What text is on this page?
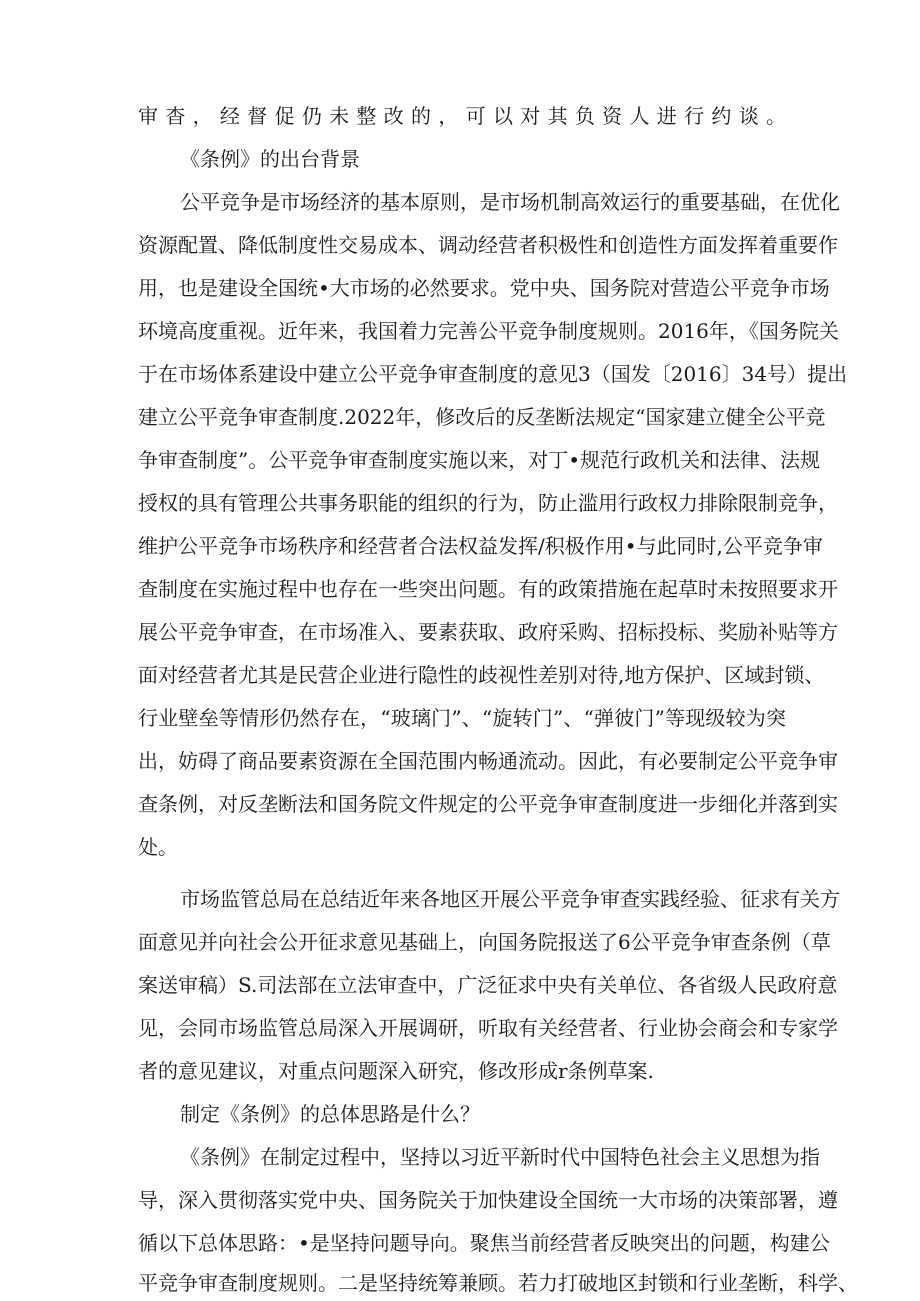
审杳，经督促仍未整改的，可以对其负资人进行约谈。
《条例》的出台背景
公平竞争是市场经济的基本原则，是市场机制高效运行的重要基础，在优化
资源配置、降低制度性交易成本、调动经营者积极性和创造性方面发挥着重要作
用，也是建设全国统•大市场的必然要求。党中央、国务院对营造公平竞争市场
环境高度重视。近年来，我国着力完善公平竞争制度规则。2016年，《国务院关
于在市场体系建设中建立公平竞争审查制度的意见3（国发〔2016〕34号）提出
建立公平竞争审查制度.2022年，修改后的反垄断法规定“国家建立健全公平竞
争审查制度”。公平竞争审查制度实施以来，对丁•规范行政机关和法律、法规
授权的具有管理公共事务职能的组织的行为，防止滥用行政权力排除限制竞争，
维护公平竞争市场秩序和经营者合法权益发挥/积极作用•与此同时,公平竞争审
查制度在实施过程中也存在一些突出问题。有的政策措施在起草时未按照要求开
展公平竞争审查，在市场准入、要素获取、政府采购、招标投标、奖励补贴等方
面对经营者尤其是民营企业进行隐性的歧视性差别对待,地方保护、区域封锁、
行业壁垒等情形仍然存在，“玻璃门”、“旋转门”、“弹彼门”等现级较为突
出，妨碍了商品要素资源在全国范围内畅通流动。因此，有必要制定公平竞争审
查条例，对反垄断法和国务院文件规定的公平竞争审查制度进一步细化并落到实
处。
市场监管总局在总结近年来各地区开展公平竞争审查实践经验、征求有关方
面意见并向社会公开征求意见基础上，向国务院报送了6公平竞争审查条例（草
案送审稿）S.司法部在立法审查中，广泛征求中央有关单位、各省级人民政府意
见，会同市场监管总局深入开展调研，听取有关经营者、行业协会商会和专家学
者的意见建议，对重点问题深入研究，修改形成r条例草案.
制定《条例》的总体思路是什么？
《条例》在制定过程中，坚持以习近平新时代中国特色社会主义思想为指
导，深入贯彻落实党中央、国务院关于加快建设全国统一大市场的决策部署，遵
循以下总体思路：•是坚持问题导向。聚焦当前经营者反映突出的问题，构建公
平竞争审查制度规则。二是坚持统筹兼顾。若力打破地区封锁和行业垄断，科学、
